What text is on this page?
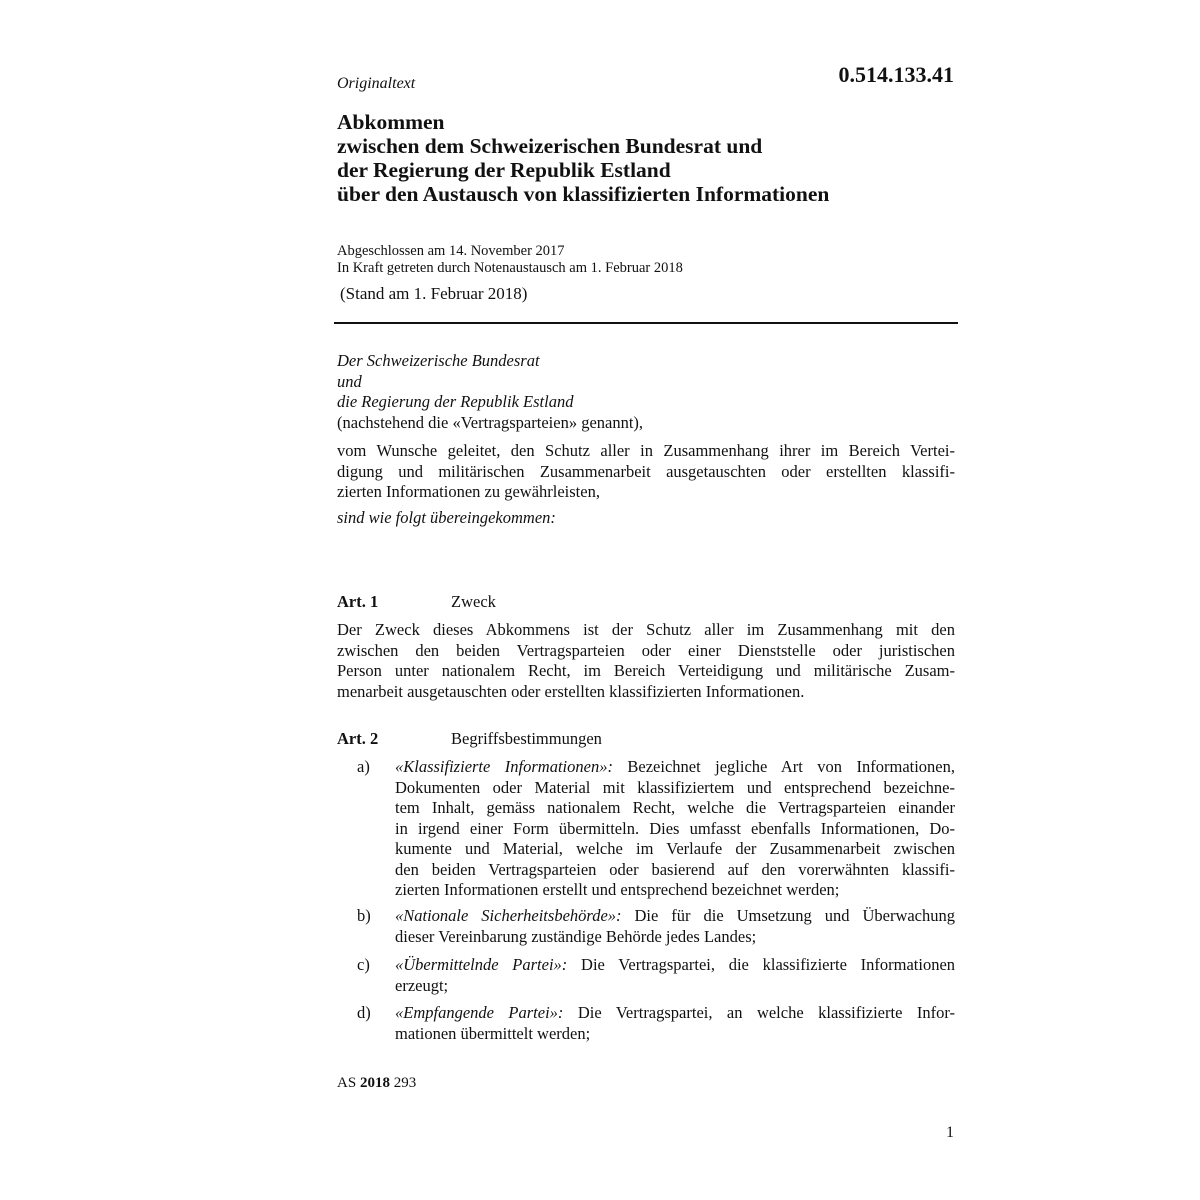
Originaltext	0.514.133.41
Abkommen
zwischen dem Schweizerischen Bundesrat und
der Regierung der Republik Estland
über den Austausch von klassifizierten Informationen
Abgeschlossen am 14. November 2017
In Kraft getreten durch Notenaustausch am 1. Februar 2018
(Stand am 1. Februar 2018)
Der Schweizerische Bundesrat
und
die Regierung der Republik Estland
(nachstehend die «Vertragsparteien» genannt),
vom Wunsche geleitet, den Schutz aller in Zusammenhang ihrer im Bereich Vertei-
digung und militärischen Zusammenarbeit ausgetauschten oder erstellten klassifi-
zierten Informationen zu gewährleisten,
sind wie folgt übereingekommen:
Art. 1	Zweck
Der Zweck dieses Abkommens ist der Schutz aller im Zusammenhang mit den
zwischen den beiden Vertragsparteien oder einer Dienststelle oder juristischen
Person unter nationalem Recht, im Bereich Verteidigung und militärische Zusam-
menarbeit ausgetauschten oder erstellten klassifizierten Informationen.
Art. 2	Begriffsbestimmungen
a) «Klassifizierte Informationen»: Bezeichnet jegliche Art von Informationen,
Dokumenten oder Material mit klassifiziertem und entsprechend bezeichne-
tem Inhalt, gemäss nationalem Recht, welche die Vertragsparteien einander
in irgend einer Form übermitteln. Dies umfasst ebenfalls Informationen, Do-
kumente und Material, welche im Verlaufe der Zusammenarbeit zwischen
den beiden Vertragsparteien oder basierend auf den vorerwähnten klassifi-
zierten Informationen erstellt und entsprechend bezeichnet werden;
b) «Nationale Sicherheitsbehörde»: Die für die Umsetzung und Überwachung
dieser Vereinbarung zuständige Behörde jedes Landes;
c) «Übermittelnde Partei»: Die Vertragspartei, die klassifizierte Informationen
erzeugt;
d) «Empfangende Partei»: Die Vertragspartei, an welche klassifizierte Infor-
mationen übermittelt werden;
AS 2018 293
1
